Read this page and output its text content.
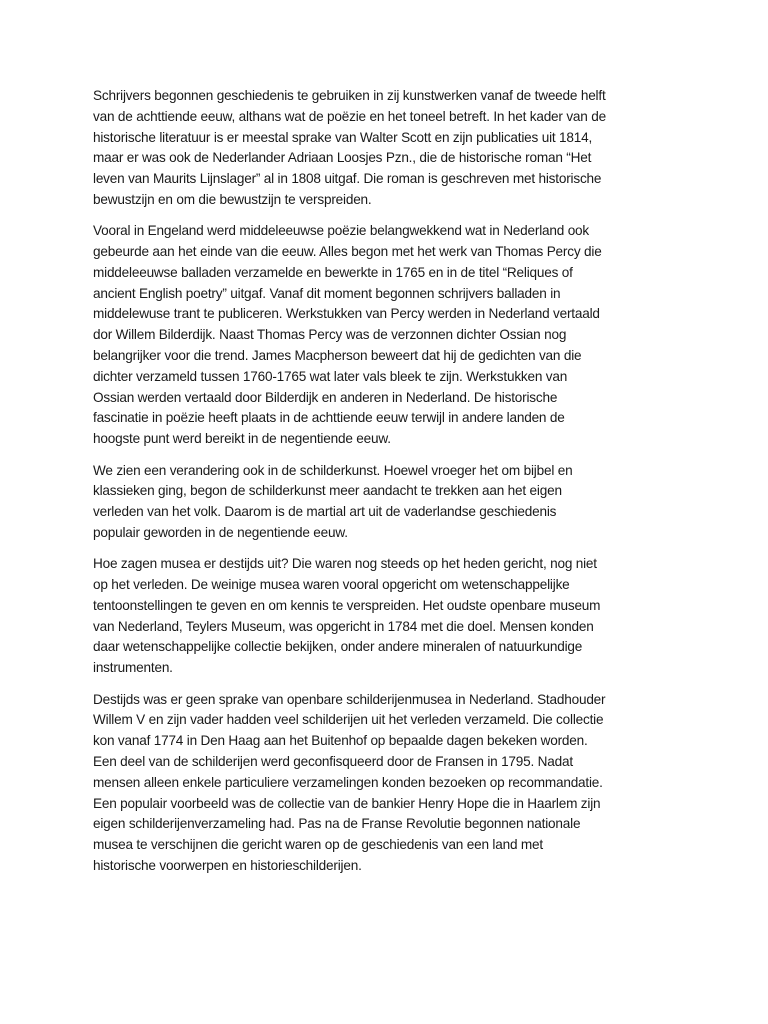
Schrijvers begonnen geschiedenis te gebruiken in zij kunstwerken vanaf de tweede helft
van de achttiende eeuw, althans wat de poëzie en het toneel betreft. In het kader van de
historische literatuur is er meestal sprake van Walter Scott en zijn publicaties uit 1814,
maar er was ook de Nederlander Adriaan Loosjes Pzn., die de historische roman “Het
leven van Maurits Lijnslager” al in 1808 uitgaf. Die roman is geschreven met historische
bewustzijn en om die bewustzijn te verspreiden.

Vooral in Engeland werd middeleeuwse poëzie belangwekkend wat in Nederland ook
gebeurde aan het einde van die eeuw. Alles begon met het werk van Thomas Percy die
middeleeuwse balladen verzamelde en bewerkte in 1765 en in de titel “Reliques of
ancient English poetry” uitgaf. Vanaf dit moment begonnen schrijvers balladen in
middelewuse trant te publiceren. Werkstukken van Percy werden in Nederland vertaald
dor Willem Bilderdijk. Naast Thomas Percy was de verzonnen dichter Ossian nog
belangrijker voor die trend. James Macpherson beweert dat hij de gedichten van die
dichter verzameld tussen 1760-1765 wat later vals bleek te zijn. Werkstukken van
Ossian werden vertaald door Bilderdijk en anderen in Nederland. De historische
fascinatie in poëzie heeft plaats in de achttiende eeuw terwijl in andere landen de
hoogste punt werd bereikt in de negentiende eeuw.

We zien een verandering ook in de schilderkunst. Hoewel vroeger het om bijbel en
klassieken ging, begon de schilderkunst meer aandacht te trekken aan het eigen
verleden van het volk. Daarom is de martial art uit de vaderlandse geschiedenis
populair geworden in de negentiende eeuw.

Hoe zagen musea er destijds uit? Die waren nog steeds op het heden gericht, nog niet
op het verleden. De weinige musea waren vooral opgericht om wetenschappelijke
tentoonstellingen te geven en om kennis te verspreiden. Het oudste openbare museum
van Nederland, Teylers Museum, was opgericht in 1784 met die doel. Mensen konden
daar wetenschappelijke collectie bekijken, onder andere mineralen of natuurkundige
instrumenten.

Destijds was er geen sprake van openbare schilderijenmusea in Nederland. Stadhouder
Willem V en zijn vader hadden veel schilderijen uit het verleden verzameld. Die collectie
kon vanaf 1774 in Den Haag aan het Buitenhof op bepaalde dagen bekeken worden.
Een deel van de schilderijen werd geconfisqueerd door de Fransen in 1795. Nadat
mensen alleen enkele particuliere verzamelingen konden bezoeken op recommandatie.
Een populair voorbeeld was de collectie van de bankier Henry Hope die in Haarlem zijn
eigen schilderijenverzameling had. Pas na de Franse Revolutie begonnen nationale
musea te verschijnen die gericht waren op de geschiedenis van een land met
historische voorwerpen en historieschilderijen.
